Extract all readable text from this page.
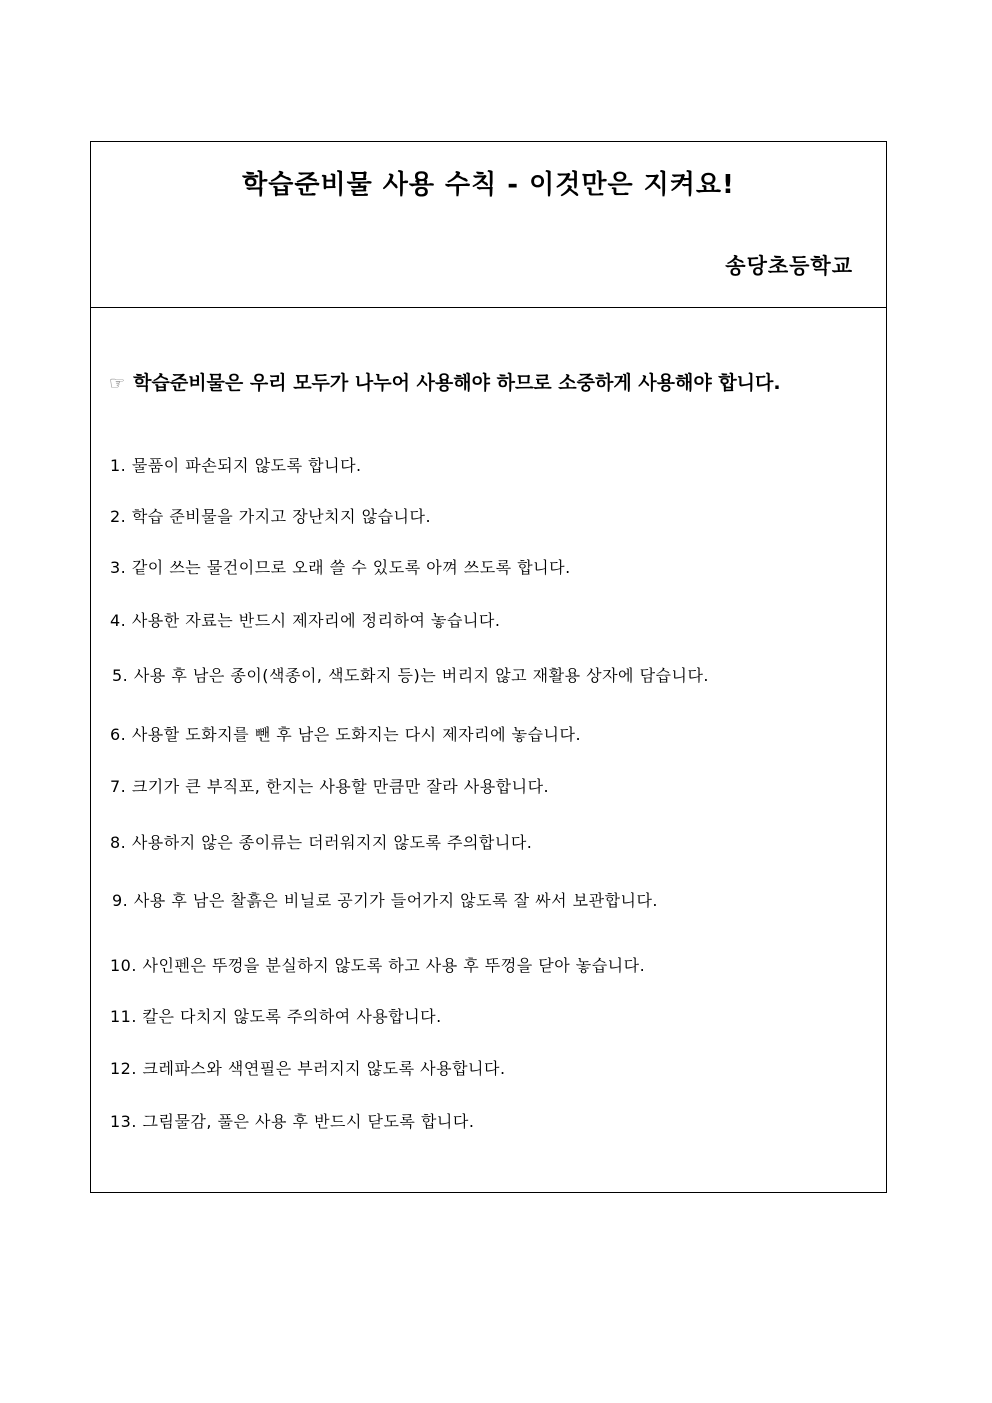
학습준비물 사용 수칙 - 이것만은 지켜요!
송당초등학교
☞ 학습준비물은 우리 모두가 나누어 사용해야 하므로 소중하게 사용해야 합니다.
1. 물품이 파손되지 않도록 합니다.
2. 학습 준비물을 가지고 장난치지 않습니다.
3. 같이 쓰는 물건이므로 오래 쓸 수 있도록 아껴 쓰도록 합니다.
4. 사용한 자료는 반드시 제자리에 정리하여 놓습니다.
5. 사용 후 남은 종이(색종이, 색도화지 등)는 버리지 않고 재활용 상자에 담습니다.
6. 사용할 도화지를 뺀 후 남은 도화지는 다시 제자리에 놓습니다.
7. 크기가 큰 부직포, 한지는 사용할 만큼만 잘라 사용합니다.
8. 사용하지 않은 종이류는 더러워지지 않도록 주의합니다.
9. 사용 후 남은 찰흙은 비닐로 공기가 들어가지 않도록 잘 싸서 보관합니다.
10. 사인펜은 뚜껑을 분실하지 않도록 하고 사용 후 뚜껑을 닫아 놓습니다.
11. 칼은 다치지 않도록 주의하여 사용합니다.
12. 크레파스와 색연필은 부러지지 않도록 사용합니다.
13. 그림물감, 풀은 사용 후 반드시 닫도록 합니다.
